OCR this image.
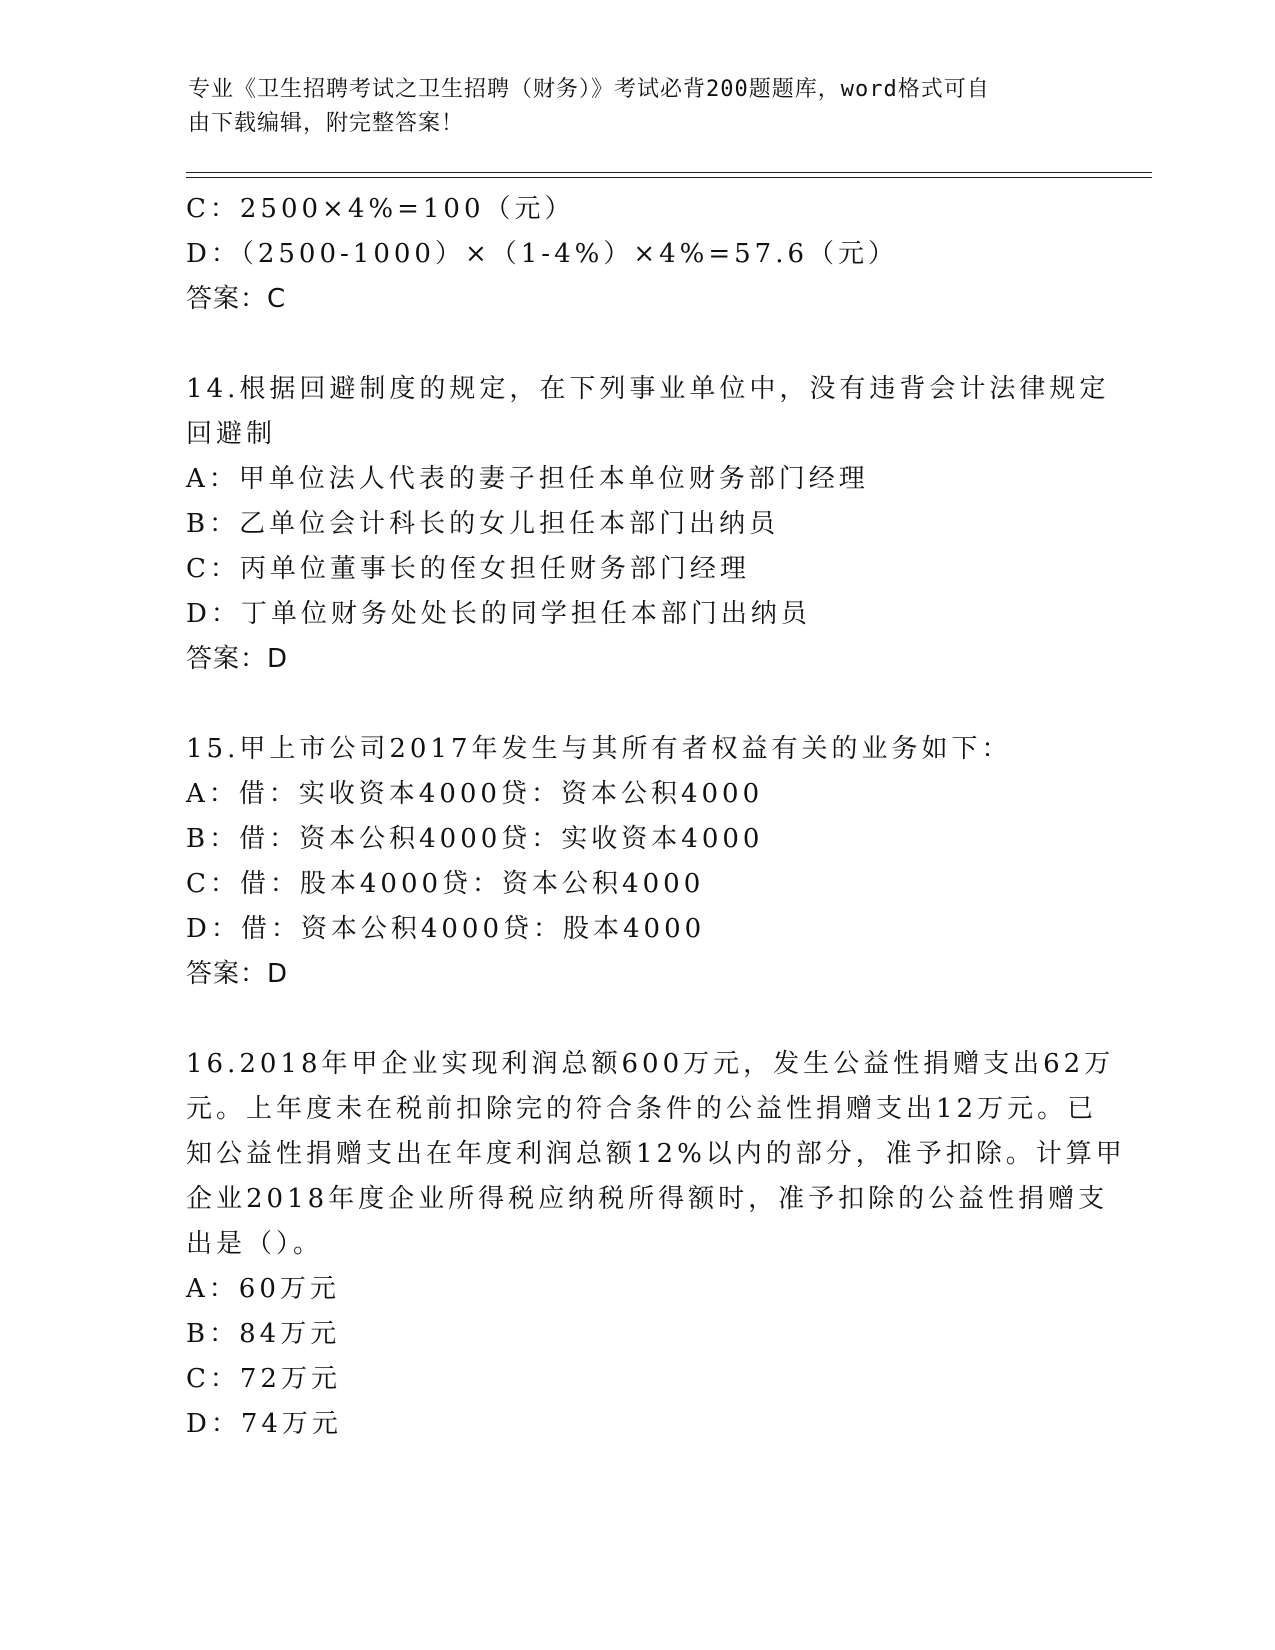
专业《卫生招聘考试之卫生招聘（财务）》考试必背200题题库，word格式可自
由下载编辑，附完整答案！
C：2500×4%=100（元）
D：（2500-1000）×（1-4%）×4%=57.6（元）
答案：C
14.根据回避制度的规定，在下列事业单位中，没有违背会计法律规定
回避制
A：甲单位法人代表的妻子担任本单位财务部门经理
B：乙单位会计科长的女儿担任本部门出纳员
C：丙单位董事长的侄女担任财务部门经理
D：丁单位财务处处长的同学担任本部门出纳员
答案：D
15.甲上市公司2017年发生与其所有者权益有关的业务如下：
A：借：实收资本4000贷：资本公积4000
B：借：资本公积4000贷：实收资本4000
C：借：股本4000贷：资本公积4000
D：借：资本公积4000贷：股本4000
答案：D
16.2018年甲企业实现利润总额600万元，发生公益性捐赠支出62万
元。上年度未在税前扣除完的符合条件的公益性捐赠支出12万元。已
知公益性捐赠支出在年度利润总额12%以内的部分，准予扣除。计算甲
企业2018年度企业所得税应纳税所得额时，准予扣除的公益性捐赠支
出是（）。
A：60万元
B：84万元
C：72万元
D：74万元
